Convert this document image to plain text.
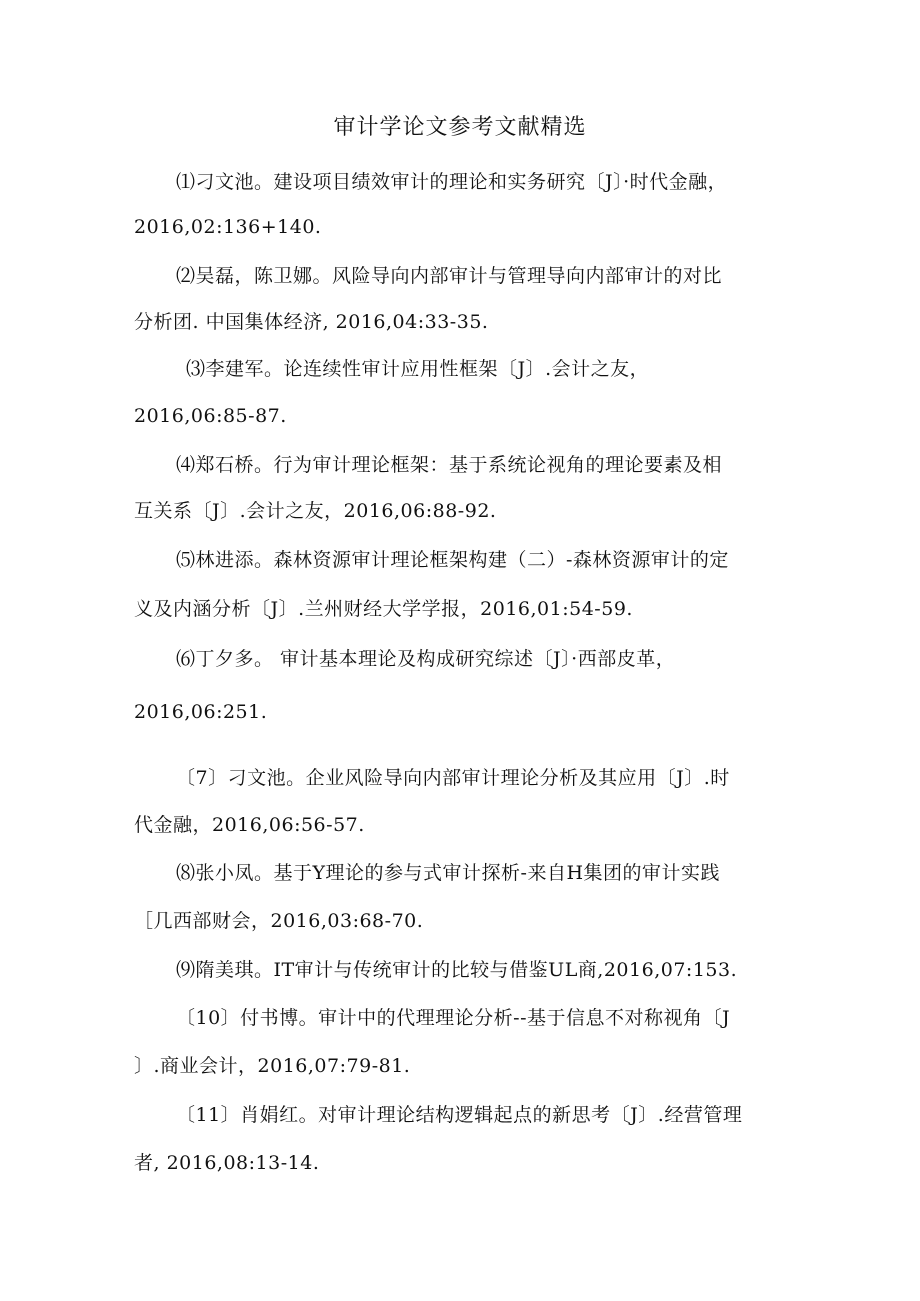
审计学论文参考文献精选
⑴刁文池。建设项目绩效审计的理论和实务研究〔J〕·时代金融，
2016,02:136+140.
⑵吴磊，陈卫娜。风险导向内部审计与管理导向内部审计的对比
分析团. 中国集体经济, 2016,04:33-35.
⑶李建军。论连续性审计应用性框架〔J〕.会计之友，
2016,06:85-87.
⑷郑石桥。行为审计理论框架：基于系统论视角的理论要素及相
互关系〔J〕.会计之友，2016,06:88-92.
⑸林进添。森林资源审计理论框架构建（二）-森林资源审计的定
义及内涵分析〔J〕.兰州财经大学学报，2016,01:54-59.
⑹丁夕多。 审计基本理论及构成研究综述〔J〕·西部皮革，
2016,06:251.
〔7〕刁文池。企业风险导向内部审计理论分析及其应用〔J〕.时
代金融，2016,06:56-57.
⑻张小凤。基于Y理论的参与式审计探析-来自H集团的审计实践
［几西部财会，2016,03:68-70.
⑼隋美琪。IT审计与传统审计的比较与借鉴UL商,2016,07:153.
〔10〕付书博。审计中的代理理论分析--基于信息不对称视角〔J
〕.商业会计，2016,07:79-81.
〔11〕肖娟红。对审计理论结构逻辑起点的新思考〔J〕.经营管理
者, 2016,08:13-14.
